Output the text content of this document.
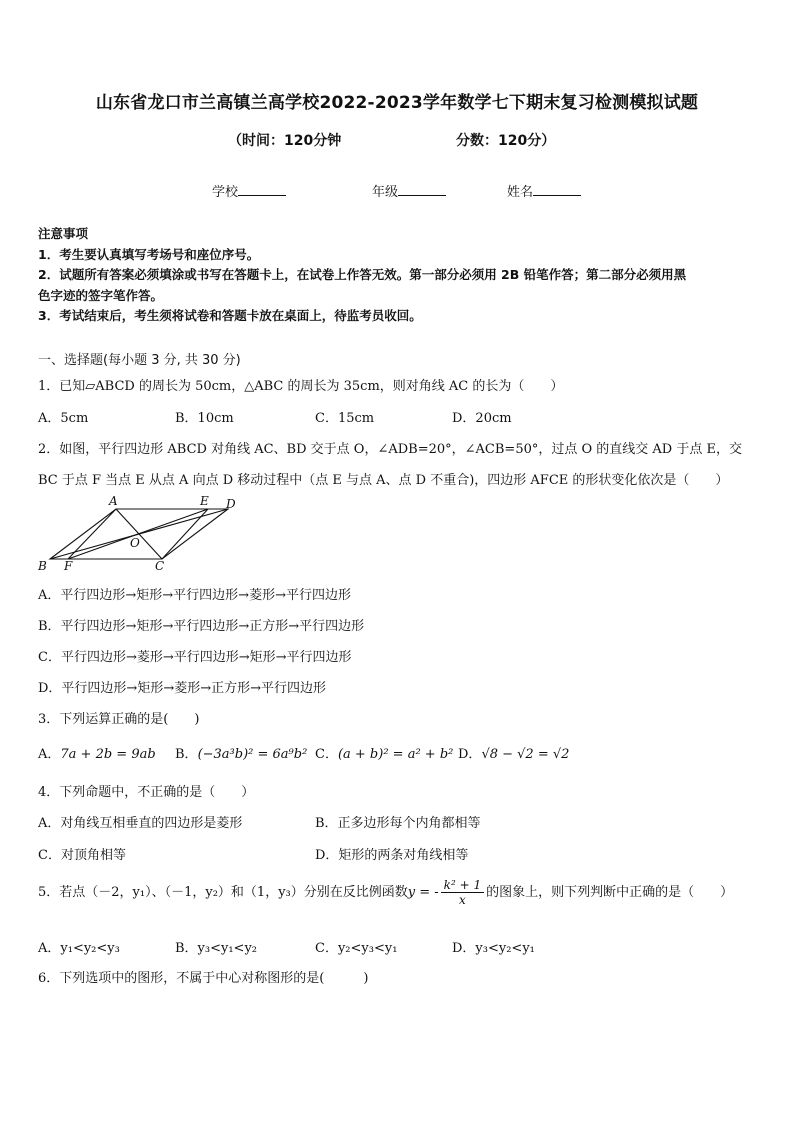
山东省龙口市兰高镇兰高学校2022-2023学年数学七下期末复习检测模拟试题
（时间：120分钟	分数：120分）
学校	年级	姓名
注意事项
1．考生要认真填写考场号和座位序号。
2．试题所有答案必须填涂或书写在答题卡上，在试卷上作答无效。第一部分必须用 2B 铅笔作答；第二部分必须用黑
色字迹的签字笔作答。
3．考试结束后，考生须将试卷和答题卡放在桌面上，待监考员收回。
一、选择题(每小题 3 分, 共 30 分)
1．已知▱ABCD 的周长为 50cm，△ABC 的周长为 35cm，则对角线 AC 的长为（　　）
A．5cm	B．10cm	C．15cm	D．20cm
2．如图，平行四边形 ABCD 对角线 AC、BD 交于点 O，∠ADB=20°，∠ACB=50°，过点 O 的直线交 AD 于点 E，交
BC 于点 F 当点 E 从点 A 向点 D 移动过程中（点 E 与点 A、点 D 不重合)，四边形 AFCE 的形状变化依次是（　　）
A	E D
O
B F	C
A．平行四边形→矩形→平行四边形→菱形→平行四边形
B．平行四边形→矩形→平行四边形→正方形→平行四边形
C．平行四边形→菱形→平行四边形→矩形→平行四边形
D．平行四边形→矩形→菱形→正方形→平行四边形
3．下列运算正确的是(　　)
A．7a + 2b = 9ab B．(−3a³b)² = 6a⁹b² C．(a + b)² = a² + b² D．√8 − √2 = √2
4．下列命题中，不正确的是（　　）
A．对角线互相垂直的四边形是菱形	B．正多边形每个内角都相等
C．对顶角相等	D．矩形的两条对角线相等
5．若点（－2，y₁）、（－1，y₂）和（1，y₃）分别在反比例函数y = - $\frac{\text{k² + 1}}{x}$ 的图象上，则下列判断中正确的是（　　）
A．y₁<y₂<y₃	B．y₃<y₁<y₂	C．y₂<y₃<y₁	D．y₃<y₂<y₁
6．下列选项中的图形，不属于中心对称图形的是(　　　)
